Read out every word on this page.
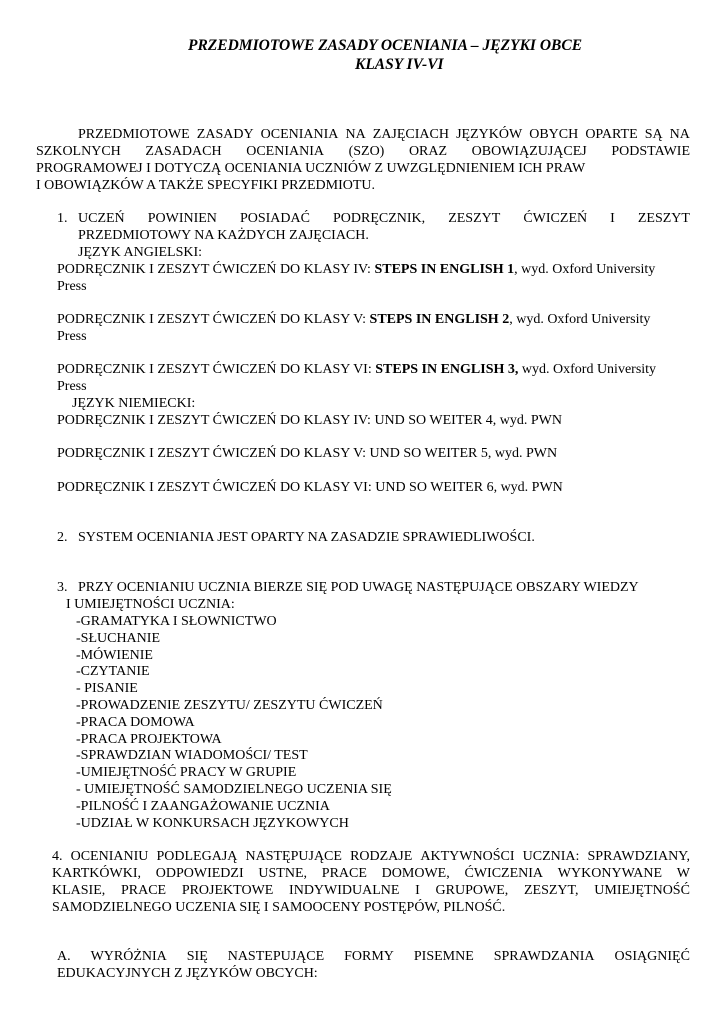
PRZEDMIOTOWE ZASADY OCENIANIA – JĘZYKI OBCE
KLASY IV-VI
PRZEDMIOTOWE ZASADY OCENIANIA NA ZAJĘCIACH JĘZYKÓW OBYCH OPARTE SĄ NA
SZKOLNYCH ZASADACH OCENIANIA (SZO) ORAZ OBOWIĄZUJĄCEJ PODSTAWIE
PROGRAMOWEJ I DOTYCZĄ OCENIANIA UCZNIÓW Z UWZGLĘDNIENIEM ICH PRAW
I OBOWIĄZKÓW A TAKŻE SPECYFIKI PRZEDMIOTU.
1. UCZEŃ POWINIEN POSIADAĆ PODRĘCZNIK, ZESZYT ĆWICZEŃ I ZESZYT
PRZEDMIOTOWY NA KAŻDYCH ZAJĘCIACH.
JĘZYK ANGIELSKI:
PODRĘCZNIK I ZESZYT ĆWICZEŃ DO KLASY IV: STEPS IN ENGLISH 1, wyd. Oxford University
Press
PODRĘCZNIK I ZESZYT ĆWICZEŃ DO KLASY V: STEPS IN ENGLISH 2, wyd. Oxford University
Press
PODRĘCZNIK I ZESZYT ĆWICZEŃ DO KLASY VI: STEPS IN ENGLISH 3, wyd. Oxford University
Press
JĘZYK NIEMIECKI:
PODRĘCZNIK I ZESZYT ĆWICZEŃ DO KLASY IV: UND SO WEITER 4, wyd. PWN
PODRĘCZNIK I ZESZYT ĆWICZEŃ DO KLASY V: UND SO WEITER 5, wyd. PWN
PODRĘCZNIK I ZESZYT ĆWICZEŃ DO KLASY VI: UND SO WEITER 6, wyd. PWN
2. SYSTEM OCENIANIA JEST OPARTY NA ZASADZIE SPRAWIEDLIWOŚCI.
3. PRZY OCENIANIU UCZNIA BIERZE SIĘ POD UWAGĘ NASTĘPUJĄCE OBSZARY WIEDZY
I UMIEJĘTNOŚCI UCZNIA:
-GRAMATYKA I SŁOWNICTWO
-SŁUCHANIE
-MÓWIENIE
-CZYTANIE
- PISANIE
-PROWADZENIE ZESZYTU/ ZESZYTU ĆWICZEŃ
-PRACA DOMOWA
-PRACA PROJEKTOWA
-SPRAWDZIAN WIADOMOŚCI/ TEST
-UMIEJĘTNOŚĆ PRACY W GRUPIE
- UMIEJĘTNOŚĆ SAMODZIELNEGO UCZENIA SIĘ
-PILNOŚĆ I ZAANGAŻOWANIE UCZNIA
-UDZIAŁ W KONKURSACH JĘZYKOWYCH
4. OCENIANIU PODLEGAJĄ NASTĘPUJĄCE RODZAJE AKTYWNOŚCI UCZNIA: SPRAWDZIANY,
KARTKÓWKI, ODPOWIEDZI USTNE, PRACE DOMOWE, ĆWICZENIA WYKONYWANE W
KLASIE, PRACE PROJEKTOWE INDYWIDUALNE I GRUPOWE, ZESZYT, UMIEJĘTNOŚĆ
SAMODZIELNEGO UCZENIA SIĘ I SAMOOCENY POSTĘPÓW, PILNOŚĆ.
A. WYRÓŻNIA SIĘ NASTEPUJĄCE FORMY PISEMNE SPRAWDZANIA OSIĄGNIĘĆ
EDUKACYJNYCH Z JĘZYKÓW OBCYCH:
